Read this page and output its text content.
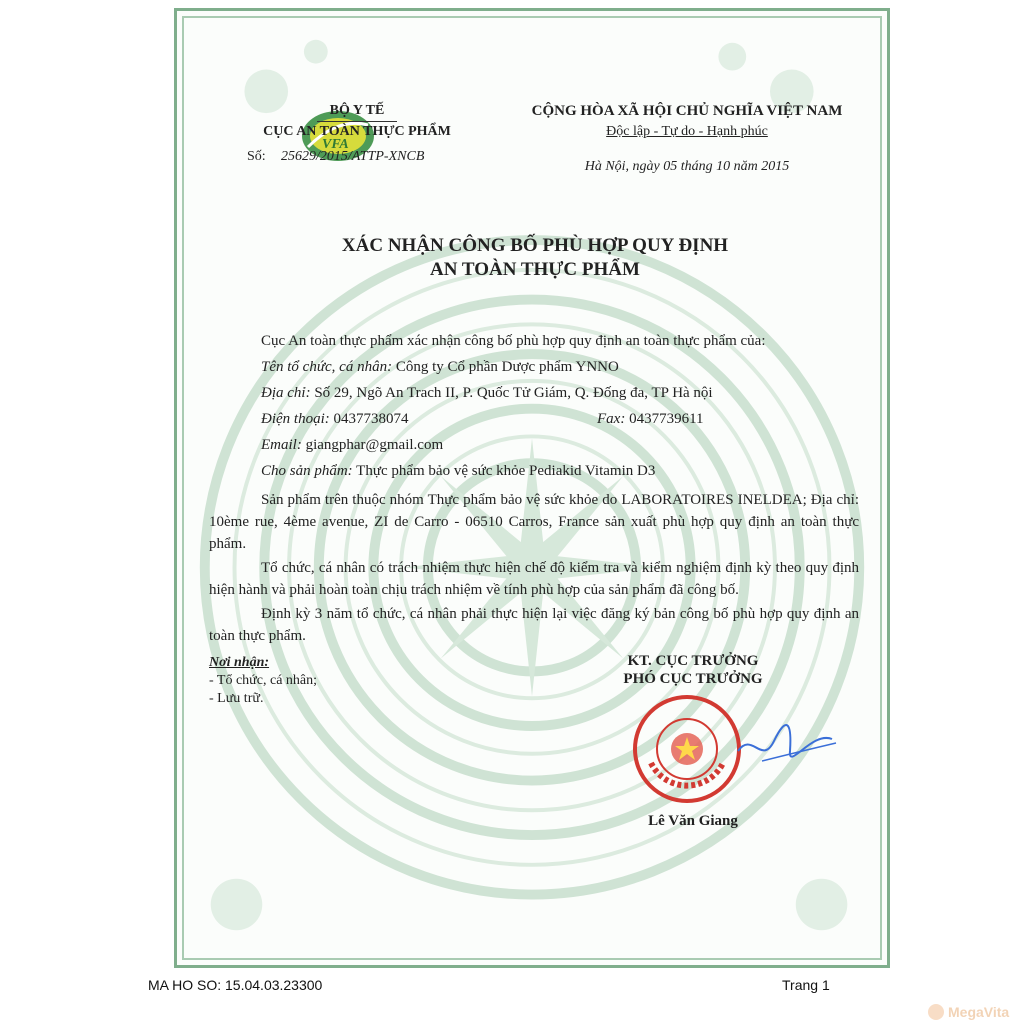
VFA
BỘ Y TẾ
CỤC AN TOÀN THỰC PHẨM
Số: 25629/2015/ATTP-XNCB
CỘNG HÒA XÃ HỘI CHỦ NGHĨA VIỆT NAM
Độc lập - Tự do - Hạnh phúc
Hà Nội, ngày 05 tháng 10 năm 2015
XÁC NHẬN CÔNG BỐ PHÙ HỢP QUY ĐỊNH
AN TOÀN THỰC PHẨM
Cục An toàn thực phẩm xác nhận công bố phù hợp quy định an toàn thực phẩm của:
Tên tổ chức, cá nhân: Công ty Cổ phần Dược phẩm YNNO
Địa chỉ: Số 29, Ngõ An Trach II, P. Quốc Tử Giám, Q. Đống đa, TP Hà nội
Điện thoại: 0437738074	Fax: 0437739611
Email: giangphar@gmail.com
Cho sản phẩm: Thực phẩm bảo vệ sức khỏe Pediakid Vitamin D3
Sản phẩm trên thuộc nhóm Thực phẩm bảo vệ sức khỏe do LABORATOIRES INELDEA; Địa chỉ: 10ème rue, 4ème avenue, ZI de Carro - 06510 Carros, France sản xuất phù hợp quy định an toàn thực phẩm.
Tổ chức, cá nhân có trách nhiệm thực hiện chế độ kiểm tra và kiểm nghiệm định kỳ theo quy định hiện hành và phải hoàn toàn chịu trách nhiệm về tính phù hợp của sản phẩm đã công bố.
Định kỳ 3 năm tổ chức, cá nhân phải thực hiện lại việc đăng ký bản công bố phù hợp quy định an toàn thực phẩm.
Nơi nhận:
- Tổ chức, cá nhân;
- Lưu trữ.
KT. CỤC TRƯỞNG
PHÓ CỤC TRƯỞNG
Lê Văn Giang
MA HO SO: 15.04.03.23300	Trang 1
MegaVita
